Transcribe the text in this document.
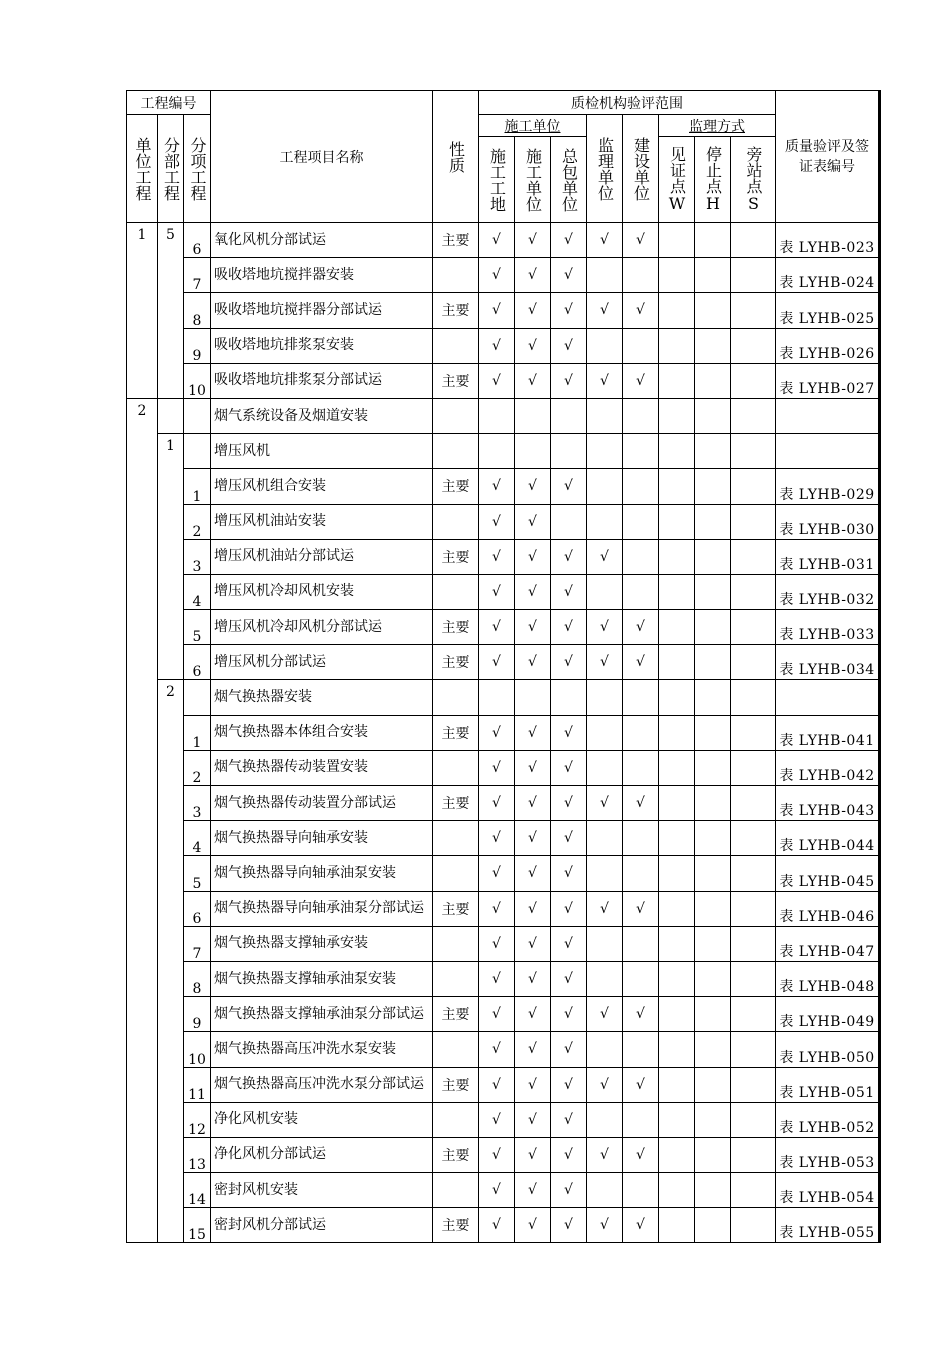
工程编号			工程项目名称	性质	质检机构验评范围								质量验评及签证表编号
单位工程	分部工程	分项工程			施工单位			监理单位	建设单位	监理方式			
					施工工地	施工单位	总包单位			见证点W	停止点H	旁站点S	
1	5	6	氧化风机分部试运	主要	√	√	√	√	√				表 LYHB-023
		7	吸收塔地坑搅拌器安装		√	√	√						表 LYHB-024
		8	吸收塔地坑搅拌器分部试运	主要	√	√	√	√	√				表 LYHB-025
		9	吸收塔地坑排浆泵安装		√	√	√						表 LYHB-026
		10	吸收塔地坑排浆泵分部试运	主要	√	√	√	√	√				表 LYHB-027
2			烟气系统设备及烟道安装										
	1		增压风机										
		1	增压风机组合安装	主要	√	√	√						表 LYHB-029
		2	增压风机油站安装		√	√							表 LYHB-030
		3	增压风机油站分部试运	主要	√	√	√	√					表 LYHB-031
		4	增压风机冷却风机安装		√	√	√						表 LYHB-032
		5	增压风机冷却风机分部试运	主要	√	√	√	√	√				表 LYHB-033
		6	增压风机分部试运	主要	√	√	√	√	√				表 LYHB-034
	2		烟气换热器安装										
		1	烟气换热器本体组合安装	主要	√	√	√						表 LYHB-041
		2	烟气换热器传动装置安装		√	√	√						表 LYHB-042
		3	烟气换热器传动装置分部试运	主要	√	√	√	√	√				表 LYHB-043
		4	烟气换热器导向轴承安装		√	√	√						表 LYHB-044
		5	烟气换热器导向轴承油泵安装		√	√	√						表 LYHB-045
		6	烟气换热器导向轴承油泵分部试运	主要	√	√	√	√	√				表 LYHB-046
		7	烟气换热器支撑轴承安装		√	√	√						表 LYHB-047
		8	烟气换热器支撑轴承油泵安装		√	√	√						表 LYHB-048
		9	烟气换热器支撑轴承油泵分部试运	主要	√	√	√	√	√				表 LYHB-049
		10	烟气换热器高压冲洗水泵安装		√	√	√						表 LYHB-050
		11	烟气换热器高压冲洗水泵分部试运	主要	√	√	√	√	√				表 LYHB-051
		12	净化风机安装		√	√	√						表 LYHB-052
		13	净化风机分部试运	主要	√	√	√	√	√				表 LYHB-053
		14	密封风机安装		√	√	√						表 LYHB-054
		15	密封风机分部试运	主要	√	√	√	√	√				表 LYHB-055
